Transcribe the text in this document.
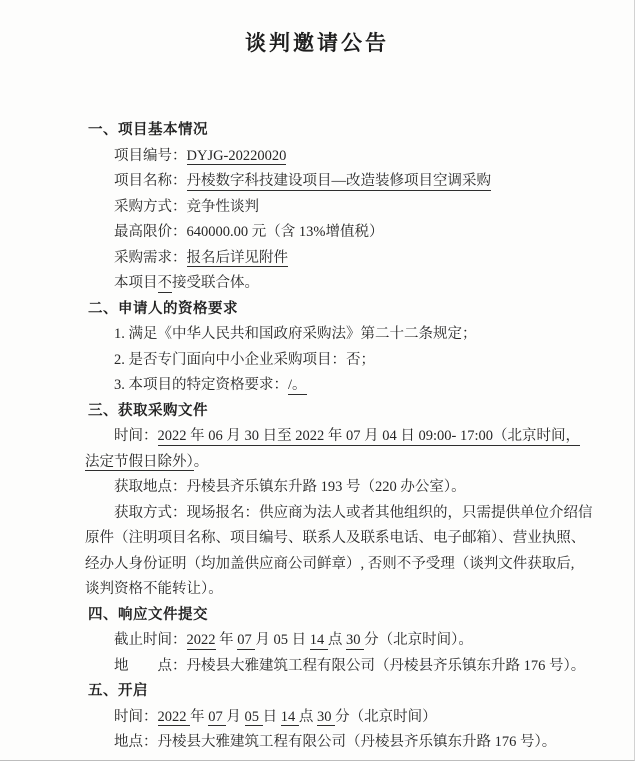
谈判邀请公告
一、项目基本情况
项目编号：DYJG-20220020
项目名称：丹棱数字科技建设项目—改造装修项目空调采购
采购方式：竞争性谈判
最高限价：640000.00 元（含 13%增值税）
采购需求：报名后详见附件
本项目不接受联合体。
二、申请人的资格要求
1. 满足《中华人民共和国政府采购法》第二十二条规定；
2. 是否专门面向中小企业采购项目：否；
3. 本项目的特定资格要求：/。
三、获取采购文件
时间：2022 年 06 月 30 日至 2022 年 07 月 04 日 09:00- 17:00（北京时间，
法定节假日除外）。
获取地点：丹棱县齐乐镇东升路 193 号（220 办公室）。
获取方式：现场报名：供应商为法人或者其他组织的，只需提供单位介绍信
原件（注明项目名称、项目编号、联系人及联系电话、电子邮箱）、营业执照、
经办人身份证明（均加盖供应商公司鲜章）, 否则不予受理（谈判文件获取后,
谈判资格不能转让）。
四、响应文件提交
截止时间：2022 年 07 月 05 日 14 点 30 分（北京时间）。
地　　点：丹棱县大雅建筑工程有限公司（丹棱县齐乐镇东升路 176 号）。
五、开启
时间：2022 年 07 月 05 日 14 点 30 分（北京时间）
地点：丹棱县大雅建筑工程有限公司（丹棱县齐乐镇东升路 176 号）。
